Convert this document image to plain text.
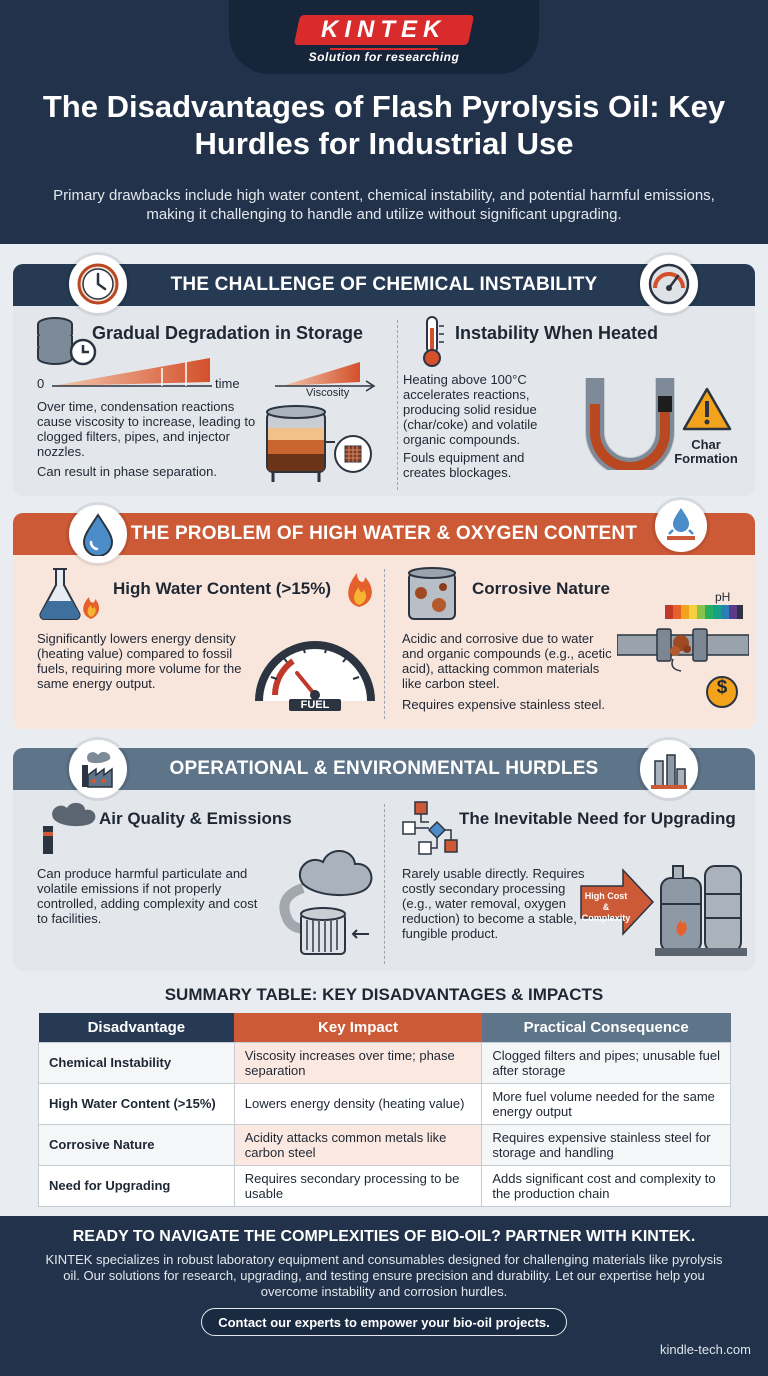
KINTEK
Solution for researching
The Disadvantages of Flash Pyrolysis Oil: Key Hurdles for Industrial Use
Primary drawbacks include high water content, chemical instability, and potential harmful emissions, making it challenging to handle and utilize without significant upgrading.
THE CHALLENGE OF CHEMICAL INSTABILITY
Gradual Degradation in Storage
0	time
Viscosity
Over time, condensation reactions cause viscosity to increase, leading to clogged filters, pipes, and injector nozzles.
Can result in phase separation.
Instability When Heated
Heating above 100°C accelerates reactions, producing solid residue (char/coke) and volatile organic compounds.
Fouls equipment and creates blockages.
Char Formation
THE PROBLEM OF HIGH WATER & OXYGEN CONTENT
High Water Content (>15%)
Significantly lowers energy density (heating value) compared to fossil fuels, requiring more volume for the same energy output.
FUEL
Corrosive Nature
Acidic and corrosive due to water and organic compounds (e.g., acetic acid), attacking common materials like carbon steel.
Requires expensive stainless steel.
pH
$
OPERATIONAL & ENVIRONMENTAL HURDLES
Air Quality & Emissions
Can produce harmful particulate and volatile emissions if not properly controlled, adding complexity and cost to facilities.
The Inevitable Need for Upgrading
Rarely usable directly. Requires costly secondary processing (e.g., water removal, oxygen reduction) to become a stable, fungible product.
High Cost & Complexity
SUMMARY TABLE: KEY DISADVANTAGES & IMPACTS
Disadvantage	Key Impact	Practical Consequence
Chemical Instability	Viscosity increases over time; phase separation	Clogged filters and pipes; unusable fuel after storage
High Water Content (>15%)	Lowers energy density (heating value)	More fuel volume needed for the same energy output
Corrosive Nature	Acidity attacks common metals like carbon steel	Requires expensive stainless steel for storage and handling
Need for Upgrading	Requires secondary processing to be usable	Adds significant cost and complexity to the production chain
READY TO NAVIGATE THE COMPLEXITIES OF BIO-OIL? PARTNER WITH KINTEK.
KINTEK specializes in robust laboratory equipment and consumables designed for challenging materials like pyrolysis oil. Our solutions for research, upgrading, and testing ensure precision and durability. Let our expertise help you overcome instability and corrosion hurdles.
Contact our experts to empower your bio-oil projects.
kindle-tech.com
